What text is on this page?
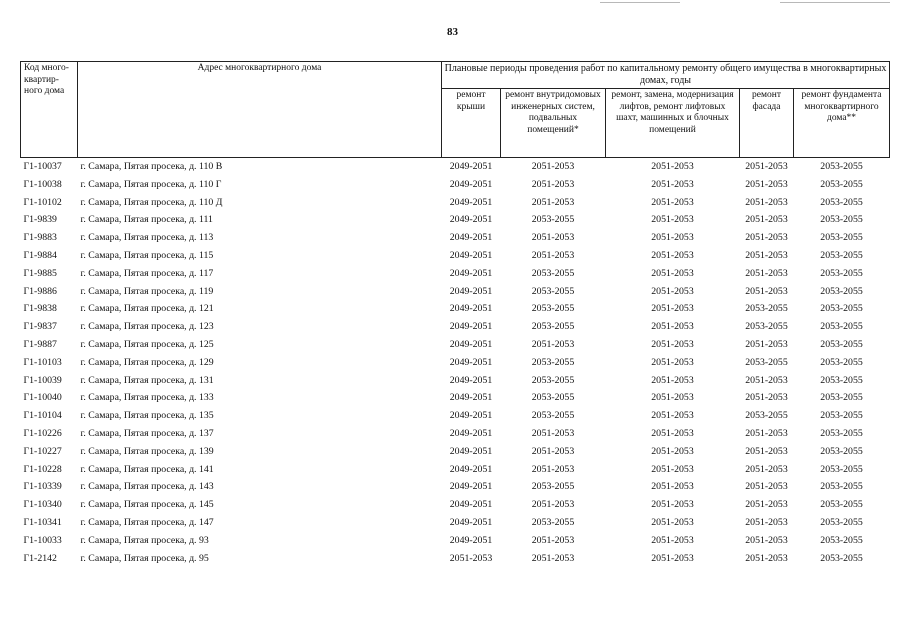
83
Код много-квартир-ного дома	Адрес многоквартирного дома	Плановые периоды проведения работ по капитальному ремонту общего имущества в многоквартирных домах, годы				
		ремонт крыши	ремонт внутридомовых инженерных систем, подвальных помещений*	ремонт, замена, модернизация лифтов, ремонт лифтовых шахт, машинных и блочных помещений	ремонт фасада	ремонт фундамента многоквартирного дома**
Г1-10037	г. Самара, Пятая просека, д. 110 В	2049-2051	2051-2053	2051-2053	2051-2053	2053-2055
Г1-10038	г. Самара, Пятая просека, д. 110 Г	2049-2051	2051-2053	2051-2053	2051-2053	2053-2055
Г1-10102	г. Самара, Пятая просека, д. 110 Д	2049-2051	2051-2053	2051-2053	2051-2053	2053-2055
Г1-9839	г. Самара, Пятая просека, д. 111	2049-2051	2053-2055	2051-2053	2051-2053	2053-2055
Г1-9883	г. Самара, Пятая просека, д. 113	2049-2051	2051-2053	2051-2053	2051-2053	2053-2055
Г1-9884	г. Самара, Пятая просека, д. 115	2049-2051	2051-2053	2051-2053	2051-2053	2053-2055
Г1-9885	г. Самара, Пятая просека, д. 117	2049-2051	2053-2055	2051-2053	2051-2053	2053-2055
Г1-9886	г. Самара, Пятая просека, д. 119	2049-2051	2053-2055	2051-2053	2051-2053	2053-2055
Г1-9838	г. Самара, Пятая просека, д. 121	2049-2051	2053-2055	2051-2053	2053-2055	2053-2055
Г1-9837	г. Самара, Пятая просека, д. 123	2049-2051	2053-2055	2051-2053	2053-2055	2053-2055
Г1-9887	г. Самара, Пятая просека, д. 125	2049-2051	2051-2053	2051-2053	2051-2053	2053-2055
Г1-10103	г. Самара, Пятая просека, д. 129	2049-2051	2053-2055	2051-2053	2053-2055	2053-2055
Г1-10039	г. Самара, Пятая просека, д. 131	2049-2051	2053-2055	2051-2053	2051-2053	2053-2055
Г1-10040	г. Самара, Пятая просека, д. 133	2049-2051	2053-2055	2051-2053	2051-2053	2053-2055
Г1-10104	г. Самара, Пятая просека, д. 135	2049-2051	2053-2055	2051-2053	2053-2055	2053-2055
Г1-10226	г. Самара, Пятая просека, д. 137	2049-2051	2051-2053	2051-2053	2051-2053	2053-2055
Г1-10227	г. Самара, Пятая просека, д. 139	2049-2051	2051-2053	2051-2053	2051-2053	2053-2055
Г1-10228	г. Самара, Пятая просека, д. 141	2049-2051	2051-2053	2051-2053	2051-2053	2053-2055
Г1-10339	г. Самара, Пятая просека, д. 143	2049-2051	2053-2055	2051-2053	2051-2053	2053-2055
Г1-10340	г. Самара, Пятая просека, д. 145	2049-2051	2051-2053	2051-2053	2051-2053	2053-2055
Г1-10341	г. Самара, Пятая просека, д. 147	2049-2051	2053-2055	2051-2053	2051-2053	2053-2055
Г1-10033	г. Самара, Пятая просека, д. 93	2049-2051	2051-2053	2051-2053	2051-2053	2053-2055
Г1-2142	г. Самара, Пятая просека, д. 95	2051-2053	2051-2053	2051-2053	2051-2053	2053-2055
